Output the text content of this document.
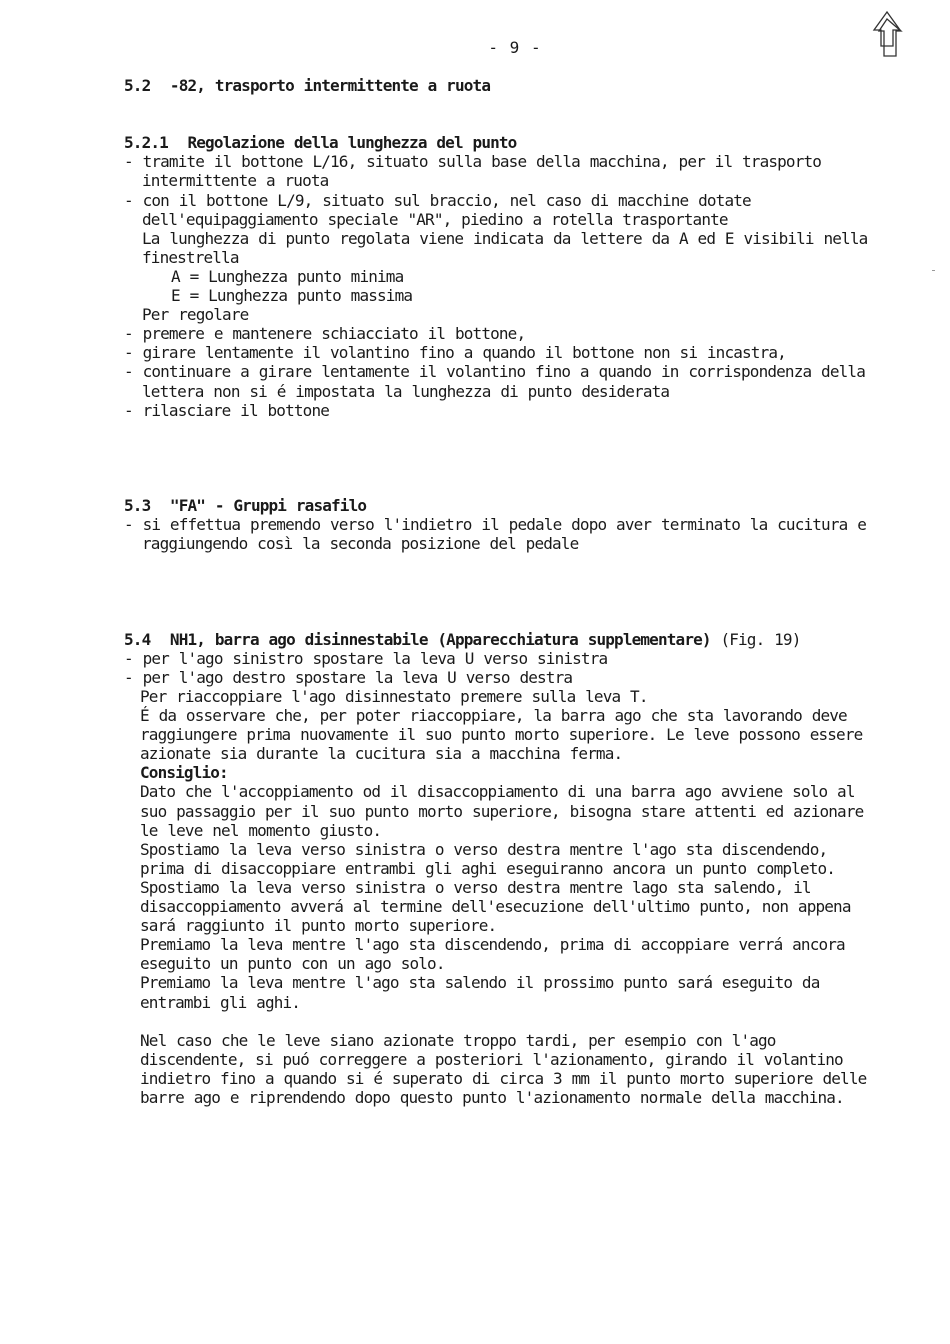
- 9 -
5.2  -82, trasporto intermittente a ruota
5.2.1  Regolazione della lunghezza del punto
- tramite il bottone L/16, situato sulla base della macchina, per il trasporto
intermittente a ruota
- con il bottone L/9, situato sul braccio, nel caso di macchine dotate
dell'equipaggiamento speciale "AR", piedino a rotella trasportante
La lunghezza di punto regolata viene indicata da lettere da A ed E visibili nella
finestrella
A = Lunghezza punto minima
E = Lunghezza punto massima
Per regolare
- premere e mantenere schiacciato il bottone,
- girare lentamente il volantino fino a quando il bottone non si incastra,
- continuare a girare lentamente il volantino fino a quando in corrispondenza della
lettera non si é impostata la lunghezza di punto desiderata
- rilasciare il bottone
5.3  "FA" - Gruppi rasafilo
- si effettua premendo verso l'indietro il pedale dopo aver terminato la cucitura e
raggiungendo così la seconda posizione del pedale
5.4  NH1, barra ago disinnestabile (Apparecchiatura supplementare) (Fig. 19)
- per l'ago sinistro spostare la leva U verso sinistra
- per l'ago destro spostare la leva U verso destra
Per riaccoppiare l'ago disinnestato premere sulla leva T.
É da osservare che, per poter riaccoppiare, la barra ago che sta lavorando deve
raggiungere prima nuovamente il suo punto morto superiore. Le leve possono essere
azionate sia durante la cucitura sia a macchina ferma.
Consiglio:
Dato che l'accoppiamento od il disaccoppiamento di una barra ago avviene solo al
suo passaggio per il suo punto morto superiore, bisogna stare attenti ed azionare
le leve nel momento giusto.
Spostiamo la leva verso sinistra o verso destra mentre l'ago sta discendendo,
prima di disaccoppiare entrambi gli aghi eseguiranno ancora un punto completo.
Spostiamo la leva verso sinistra o verso destra mentre lago sta salendo, il
disaccoppiamento avverá al termine dell'esecuzione dell'ultimo punto, non appena
sará raggiunto il punto morto superiore.
Premiamo la leva mentre l'ago sta discendendo, prima di accoppiare verrá ancora
eseguito un punto con un ago solo.
Premiamo la leva mentre l'ago sta salendo il prossimo punto sará eseguito da
entrambi gli aghi.
Nel caso che le leve siano azionate troppo tardi, per esempio con l'ago
discendente, si puó correggere a posteriori l'azionamento, girando il volantino
indietro fino a quando si é superato di circa 3 mm il punto morto superiore delle
barre ago e riprendendo dopo questo punto l'azionamento normale della macchina.
